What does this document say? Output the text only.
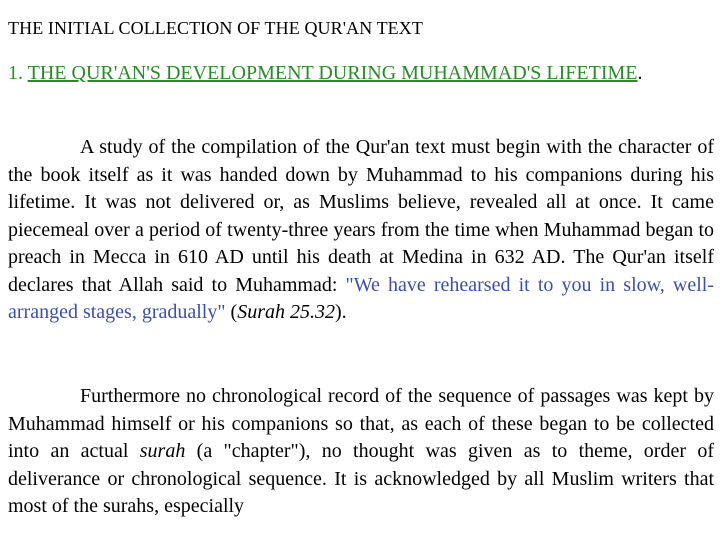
THE INITIAL COLLECTION OF THE QUR'AN TEXT
1. THE QUR'AN'S DEVELOPMENT DURING MUHAMMAD'S LIFETIME.

A study of the compilation of the Qur'an text must begin with the character of the book itself as it was handed down by Muhammad to his companions during his lifetime. It was not delivered or, as Muslims believe, revealed all at once. It came piecemeal over a period of twenty-three years from the time when Muhammad began to preach in Mecca in 610 AD until his death at Medina in 632 AD. The Qur'an itself declares that Allah said to Muhammad: "We have rehearsed it to you in slow, well-arranged stages, gradually" (Surah 25.32).

Furthermore no chronological record of the sequence of passages was kept by Muhammad himself or his companions so that, as each of these began to be collected into an actual surah (a "chapter"), no thought was given as to theme, order of deliverance or chronological sequence. It is acknowledged by all Muslim writers that most of the surahs, especially
